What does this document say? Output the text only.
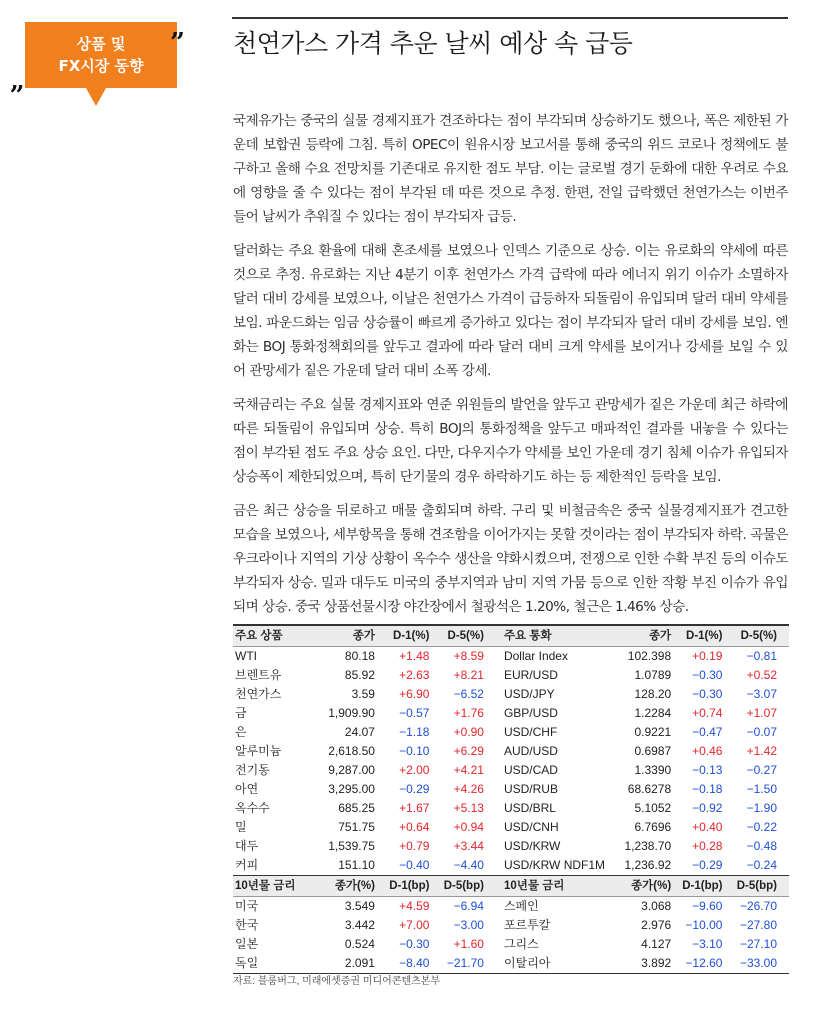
상품 및
FX시장 동향
”
„
천연가스 가격 추운 날씨 예상 속 급등

국제유가는 중국의 실물 경제지표가 견조하다는 점이 부각되며 상승하기도 했으나, 폭은 제한된 가운데 보합권 등락에 그침. 특히 OPEC이 원유시장 보고서를 통해 중국의 위드 코로나 정책에도 불구하고 올해 수요 전망치를 기존대로 유지한 점도 부담. 이는 글로벌 경기 둔화에 대한 우려로 수요에 영향을 줄 수 있다는 점이 부각된 데 따른 것으로 추정. 한편, 전일 급락했던 천연가스는 이번주 들어 날씨가 추워질 수 있다는 점이 부각되자 급등.

달러화는 주요 환율에 대해 혼조세를 보였으나 인덱스 기준으로 상승. 이는 유로화의 약세에 따른 것으로 추정. 유로화는 지난 4분기 이후 천연가스 가격 급락에 따라 에너지 위기 이슈가 소멸하자 달러 대비 강세를 보였으나, 이날은 천연가스 가격이 급등하자 되돌림이 유입되며 달러 대비 약세를 보임. 파운드화는 임금 상승률이 빠르게 증가하고 있다는 점이 부각되자 달러 대비 강세를 보임. 엔화는 BOJ 통화정책회의를 앞두고 결과에 따라 달러 대비 크게 약세를 보이거나 강세를 보일 수 있어 관망세가 짙은 가운데 달러 대비 소폭 강세.

국채금리는 주요 실물 경제지표와 연준 위원들의 발언을 앞두고 관망세가 짙은 가운데 최근 하락에 따른 되돌림이 유입되며 상승. 특히 BOJ의 통화정책을 앞두고 매파적인 결과를 내놓을 수 있다는 점이 부각된 점도 주요 상승 요인. 다만, 다우지수가 약세를 보인 가운데 경기 침체 이슈가 유입되자 상승폭이 제한되었으며, 특히 단기물의 경우 하락하기도 하는 등 제한적인 등락을 보임.

금은 최근 상승을 뒤로하고 매물 출회되며 하락. 구리 및 비철금속은 중국 실물경제지표가 견고한 모습을 보였으나, 세부항목을 통해 견조함을 이어가지는 못할 것이라는 점이 부각되자 하락. 곡물은 우크라이나 지역의 기상 상황이 옥수수 생산을 약화시켰으며, 전쟁으로 인한 수확 부진 등의 이슈도 부각되자 상승. 밀과 대두도 미국의 중부지역과 남미 지역 가뭄 등으로 인한 작황 부진 이슈가 유입되며 상승. 중국 상품선물시장 야간장에서 철광석은 1.20%, 철근은 1.46% 상승.

주요 상품	종가	D-1(%)	D-5(%)	주요 통화	종가	D-1(%)	D-5(%)
WTI	80.18	+1.48	+8.59	Dollar Index	102.398	+0.19	−0.81
브렌트유	85.92	+2.63	+8.21	EUR/USD	1.0789	−0.30	+0.52
천연가스	3.59	+6.90	−6.52	USD/JPY	128.20	−0.30	−3.07
금	1,909.90	−0.57	+1.76	GBP/USD	1.2284	+0.74	+1.07
은	24.07	−1.18	+0.90	USD/CHF	0.9221	−0.47	−0.07
알루미늄	2,618.50	−0.10	+6.29	AUD/USD	0.6987	+0.46	+1.42
전기동	9,287.00	+2.00	+4.21	USD/CAD	1.3390	−0.13	−0.27
아연	3,295.00	−0.29	+4.26	USD/RUB	68.6278	−0.18	−1.50
옥수수	685.25	+1.67	+5.13	USD/BRL	5.1052	−0.92	−1.90
밀	751.75	+0.64	+0.94	USD/CNH	6.7696	+0.40	−0.22
대두	1,539.75	+0.79	+3.44	USD/KRW	1,238.70	+0.28	−0.48
커피	151.10	−0.40	−4.40	USD/KRW NDF1M	1,236.92	−0.29	−0.24
10년물 금리	종가(%)	D-1(bp)	D-5(bp)	10년물 금리	종가(%)	D-1(bp)	D-5(bp)
미국	3.549	+4.59	−6.94	스페인	3.068	−9.60	−26.70
한국	3.442	+7.00	−3.00	포르투칼	2.976	−10.00	−27.80
일본	0.524	−0.30	+1.60	그리스	4.127	−3.10	−27.10
독일	2.091	−8.40	−21.70	이탈리아	3.892	−12.60	−33.00
자료: 블룸버그, 미래에셋증권 미디어콘텐츠본부
